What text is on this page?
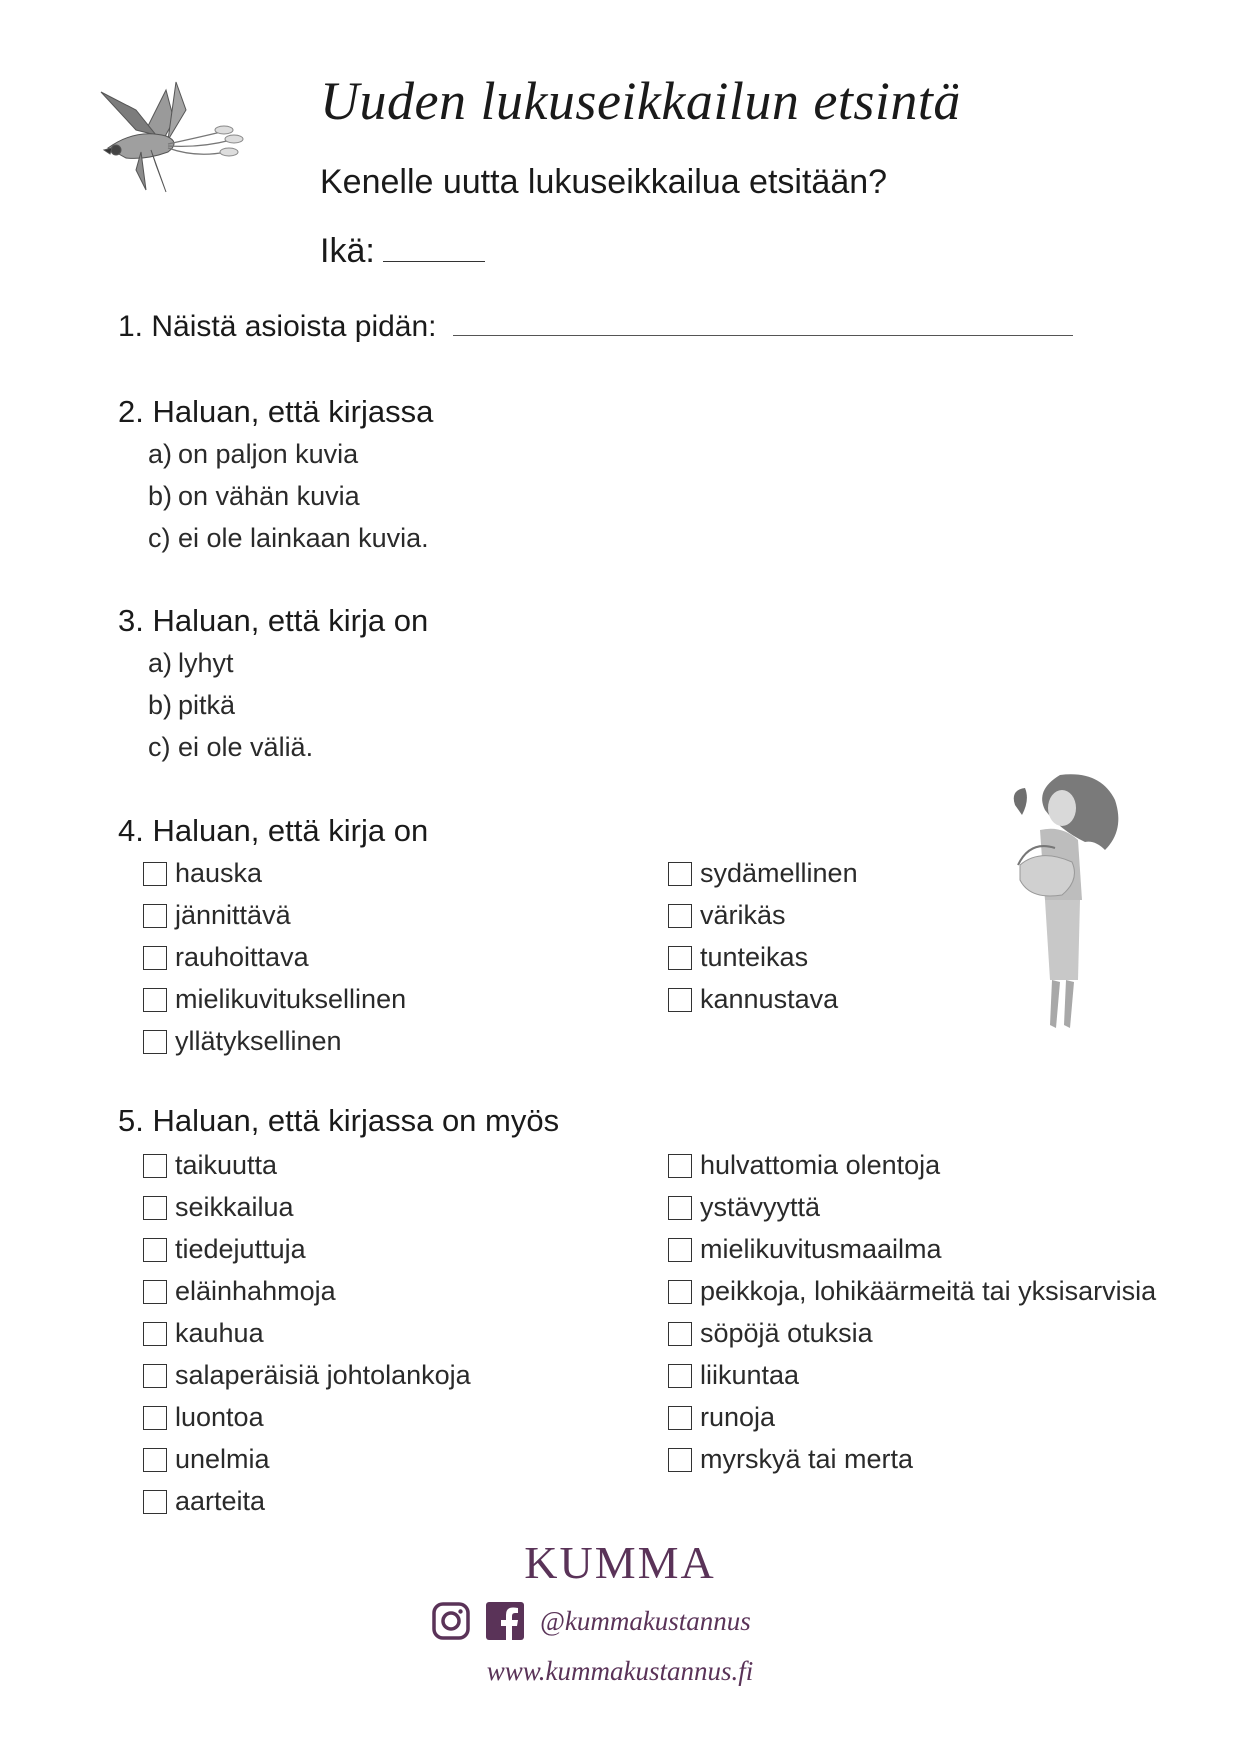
Uuden lukuseikkailun etsintä
Kenelle uutta lukuseikkailua etsitään?
Ikä:
1. Näistä asioista pidän:
2. Haluan, että kirjassa
a) on paljon kuvia
b) on vähän kuvia
c) ei ole lainkaan kuvia.
3. Haluan, että kirja on
a) lyhyt
b) pitkä
c) ei ole väliä.
4. Haluan, että kirja on
hauska
jännittävä
rauhoittava
mielikuvituksellinen
yllätyksellinen
sydämellinen
värikäs
tunteikas
kannustava
5. Haluan, että kirjassa on myös
taikuutta
seikkailua
tiedejuttuja
eläinhahmoja
kauhua
salaperäisiä johtolankoja
luontoa
unelmia
aarteita
hulvattomia olentoja
ystävyyttä
mielikuvitusmaailma
peikkoja, lohikäärmeitä tai yksisarvisia
söpöjä otuksia
liikuntaa
runoja
myrskyä tai merta
KUMMA
@kummakustannus
www.kummakustannus.fi
